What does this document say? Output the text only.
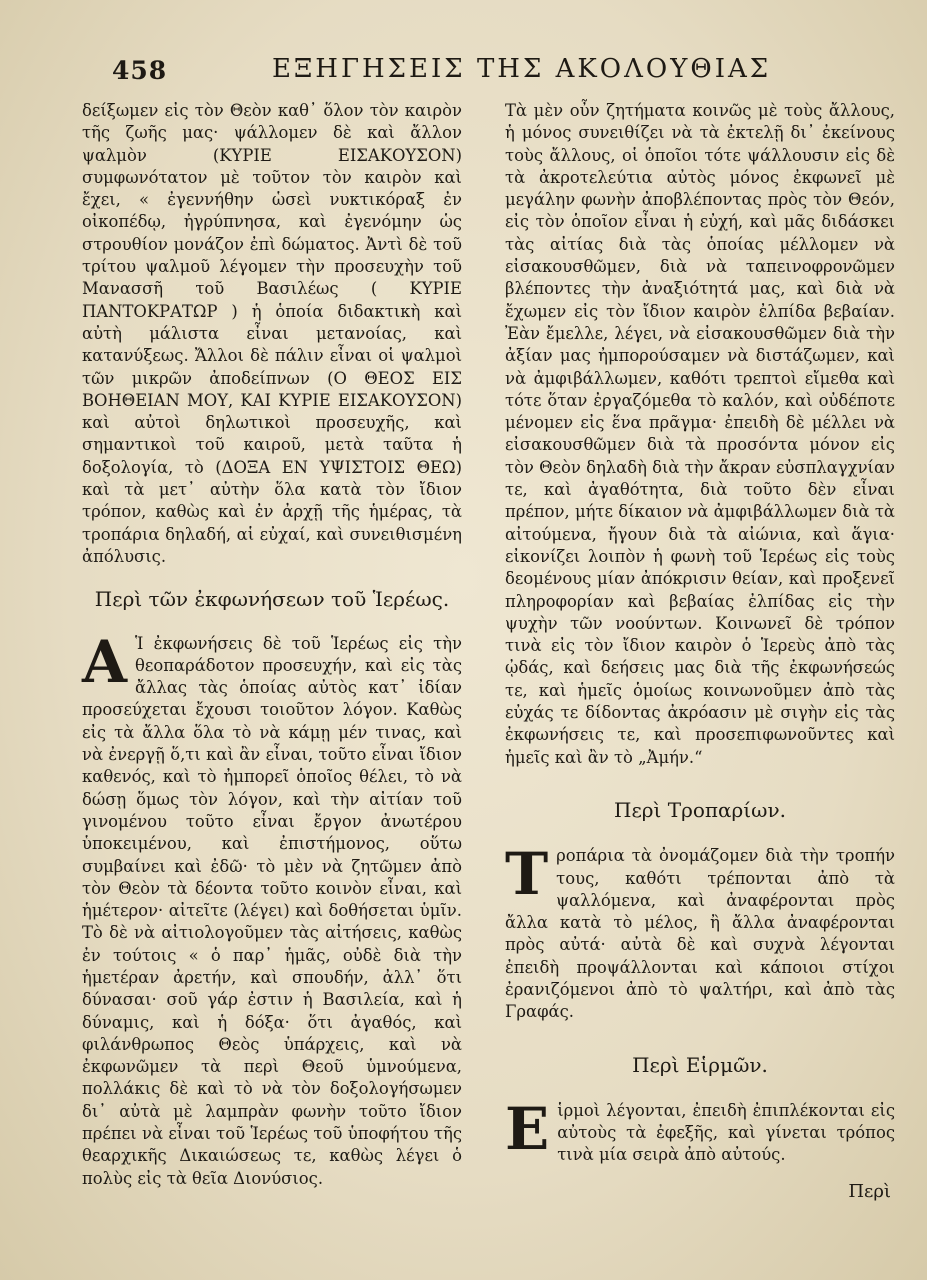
458	ΕΞΗΓΗΣΕΙΣ ΤΗΣ ΑΚΟΛΟΥΘΙΑΣ

δείξωμεν εἰς τὸν Θεὸν καθ᾽ ὅλον τὸν καιρὸν τῆς ζωῆς μας· ψάλλομεν δὲ καὶ ἄλλον ψαλμὸν (ΚΥΡΙΕ ΕΙΣΑΚΟΥΣΟΝ) συμφωνότατον μὲ τοῦτον τὸν καιρὸν καὶ ἔχει, « ἐγεννήθην ὡσεὶ νυκτικόραξ ἐν οἰκοπέδῳ, ἠγρύπνησα, καὶ ἐγενόμην ὡς στρουθίον μονάζον ἐπὶ δώματος. Ἀντὶ δὲ τοῦ τρίτου ψαλμοῦ λέγομεν τὴν προσευχὴν τοῦ Μανασσῆ τοῦ Βασιλέως ( ΚΥΡΙΕ ΠΑΝΤΟΚΡΑΤΩΡ ) ἡ ὁποία διδακτικὴ καὶ αὐτὴ μάλιστα εἶναι μετανοίας, καὶ κατανύξεως. Ἄλλοι δὲ πάλιν εἶναι οἱ ψαλμοὶ τῶν μικρῶν ἀποδείπνων (Ο ΘΕΟΣ ΕΙΣ ΒΟΗΘΕΙΑΝ ΜΟΥ, ΚΑΙ ΚΥΡΙΕ ΕΙΣΑΚΟΥΣΟΝ) καὶ αὐτοὶ δηλωτικοὶ προσευχῆς, καὶ σημαντικοὶ τοῦ καιροῦ, μετὰ ταῦτα ἡ δοξολογία, τὸ (ΔΟΞΑ ΕΝ ΥΨΙΣΤΟΙΣ ΘΕΩ) καὶ τὰ μετ᾽ αὐτὴν ὅλα κατὰ τὸν ἴδιον τρόπον, καθὼς καὶ ἐν ἀρχῇ τῆς ἡμέρας, τὰ τροπάρια δηλαδή, αἱ εὐχαί, καὶ συνειθισμένη ἀπόλυσις.

Περὶ τῶν ἐκφωνήσεων τοῦ Ἱερέως.

Α Ἱ ἐκφωνήσεις δὲ τοῦ Ἱερέως εἰς τὴν θεοπαράδοτον προσευχήν, καὶ εἰς τὰς ἄλλας τὰς ὁποίας αὐτὸς κατ᾽ ἰδίαν προσεύχεται ἔχουσι τοιοῦτον λόγον. Καθὼς εἰς τὰ ἄλλα ὅλα τὸ νὰ κάμῃ μέν τινας, καὶ νὰ ἐνεργῇ ὅ,τι καὶ ἂν εἶναι, τοῦτο εἶναι ἴδιον καθενός, καὶ τὸ ἠμπορεῖ ὁποῖος θέλει, τὸ νὰ δώσῃ ὅμως τὸν λόγον, καὶ τὴν αἰτίαν τοῦ γινομένου τοῦτο εἶναι ἔργον ἀνωτέρου ὑποκειμένου, καὶ ἐπιστήμονος, οὕτω συμβαίνει καὶ ἐδῶ· τὸ μὲν νὰ ζητῶμεν ἀπὸ τὸν Θεὸν τὰ δέοντα τοῦτο κοινὸν εἶναι, καὶ ἡμέτερον· αἰτεῖτε (λέγει) καὶ δοθήσεται ὑμῖν. Τὸ δὲ νὰ αἰτιολογοῦμεν τὰς αἰτήσεις, καθὼς ἐν τούτοις « ὁ παρ᾽ ἡμᾶς, οὐδὲ διὰ τὴν ἡμετέραν ἀρετήν, καὶ σπουδήν, ἀλλ᾽ ὅτι δύνασαι· σοῦ γάρ ἐστιν ἡ Βασιλεία, καὶ ἡ δύναμις, καὶ ἡ δόξα· ὅτι ἀγαθός, καὶ φιλάνθρωπος Θεὸς ὑπάρχεις, καὶ νὰ ἐκφωνῶμεν τὰ περὶ Θεοῦ ὑμνούμενα, πολλάκις δὲ καὶ τὸ νὰ τὸν δοξολογήσωμεν δι᾽ αὐτὰ μὲ λαμπρὰν φωνὴν τοῦτο ἴδιον πρέπει νὰ εἶναι τοῦ Ἱερέως τοῦ ὑποφήτου τῆς θεαρχικῆς Δικαιώσεως τε, καθὼς λέγει ὁ πολὺς εἰς τὰ θεῖα Διονύσιος.

Τὰ μὲν οὖν ζητήματα κοινῶς μὲ τοὺς ἄλλους, ἡ μόνος συνειθίζει νὰ τὰ ἐκτελῇ δι᾽ ἐκείνους τοὺς ἄλλους, οἱ ὁποῖοι τότε ψάλλουσιν εἰς δὲ τὰ ἀκροτελεύτια αὐτὸς μόνος ἐκφωνεῖ μὲ μεγάλην φωνὴν ἀποβλέποντας πρὸς τὸν Θεόν, εἰς τὸν ὁποῖον εἶναι ἡ εὐχή, καὶ μᾶς διδάσκει τὰς αἰτίας διὰ τὰς ὁποίας μέλλομεν νὰ εἰσακουσθῶμεν, διὰ νὰ ταπεινοφρονῶμεν βλέποντες τὴν ἀναξιότητά μας, καὶ διὰ νὰ ἔχωμεν εἰς τὸν ἴδιον καιρὸν ἐλπίδα βεβαίαν. Ἐὰν ἔμελλε, λέγει, νὰ εἰσακουσθῶμεν διὰ τὴν ἀξίαν μας ἠμπορούσαμεν νὰ διστάζωμεν, καὶ νὰ ἀμφιβάλλωμεν, καθότι τρεπτοὶ εἴμεθα καὶ τότε ὅταν ἐργαζόμεθα τὸ καλόν, καὶ οὐδέποτε μένομεν εἰς ἕνα πρᾶγμα· ἐπειδὴ δὲ μέλλει νὰ εἰσακουσθῶμεν διὰ τὰ προσόντα μόνον εἰς τὸν Θεὸν δηλαδὴ διὰ τὴν ἄκραν εὐσπλαγχνίαν τε, καὶ ἀγαθότητα, διὰ τοῦτο δὲν εἶναι πρέπον, μήτε δίκαιον νὰ ἀμφιβάλλωμεν διὰ τὰ αἰτούμενα, ἤγουν διὰ τὰ αἰώνια, καὶ ἅγια· εἰκονίζει λοιπὸν ἡ φωνὴ τοῦ Ἱερέως εἰς τοὺς δεομένους μίαν ἀπόκρισιν θείαν, καὶ προξενεῖ πληροφορίαν καὶ βεβαίας ἐλπίδας εἰς τὴν ψυχὴν τῶν νοούντων. Κοινωνεῖ δὲ τρόπον τινὰ εἰς τὸν ἴδιον καιρὸν ὁ Ἱερεὺς ἀπὸ τὰς ᾠδάς, καὶ δεήσεις μας διὰ τῆς ἐκφωνήσεώς τε, καὶ ἡμεῖς ὁμοίως κοινωνοῦμεν ἀπὸ τὰς εὐχάς τε δίδοντας ἀκρόασιν μὲ σιγὴν εἰς τὰς ἐκφωνήσεις τε, καὶ προσεπιφωνοῦντες καὶ ἡμεῖς καὶ ἂν τὸ „Ἀμήν.“

Περὶ Τροπαρίων.

Τ ροπάρια τὰ ὀνομάζομεν διὰ τὴν τροπήν τους, καθότι τρέπονται ἀπὸ τὰ ψαλλόμενα, καὶ ἀναφέρονται πρὸς ἄλλα κατὰ τὸ μέλος, ἢ ἄλλα ἀναφέρονται πρὸς αὐτά· αὐτὰ δὲ καὶ συχνὰ λέγονται ἐπειδὴ προψάλλονται καὶ κάποιοι στίχοι ἐρανιζόμενοι ἀπὸ τὸ ψαλτήρι, καὶ ἀπὸ τὰς Γραφάς.

Περὶ Εἱρμῶν.

Ε ἱρμοὶ λέγονται, ἐπειδὴ ἐπιπλέκονται εἰς αὐτοὺς τὰ ἐφεξῆς, καὶ γίνεται τρόπος τινὰ μία σειρὰ ἀπὸ αὐτούς.

Περὶ
